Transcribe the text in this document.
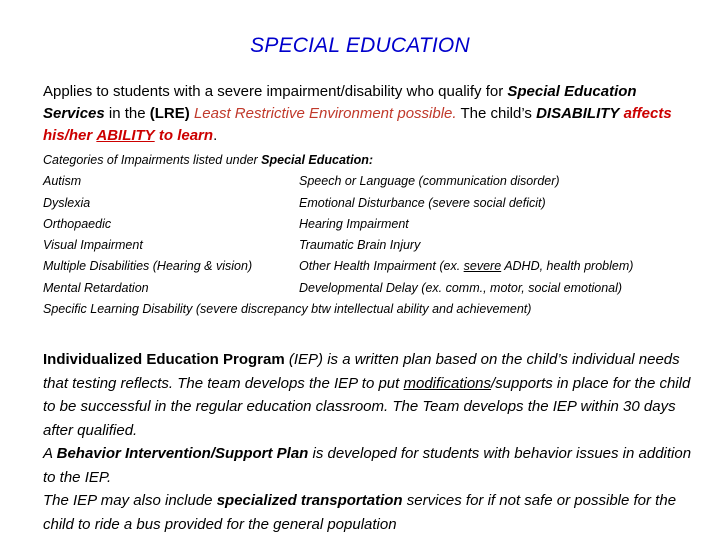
SPECIAL EDUCATION
Applies to students with a severe impairment/disability who qualify for Special Education Services in the (LRE) Least Restrictive Environment possible. The child’s DISABILITY affects his/her ABILITY to learn.
Categories of Impairments listed under Special Education:
Autism	Speech or Language (communication disorder)
Dyslexia	Emotional Disturbance (severe social deficit)
Orthopaedic	Hearing Impairment
Visual Impairment	Traumatic Brain Injury
Multiple Disabilities (Hearing & vision)	Other Health Impairment (ex. severe ADHD, health problem)
Mental Retardation	Developmental Delay (ex. comm., motor, social emotional)
Specific Learning Disability (severe discrepancy btw intellectual ability and achievement)

Individualized Education Program (IEP) is a written plan based on the child’s individual needs that testing reflects. The team develops the IEP to put modifications/supports in place for the child to be successful in the regular education classroom. The Team develops the IEP within 30 days after qualified.

A Behavior Intervention/Support Plan is developed for students with behavior issues in addition to the IEP.

The IEP may also include specialized transportation services for if not safe or possible for the child to ride a bus provided for the general population
